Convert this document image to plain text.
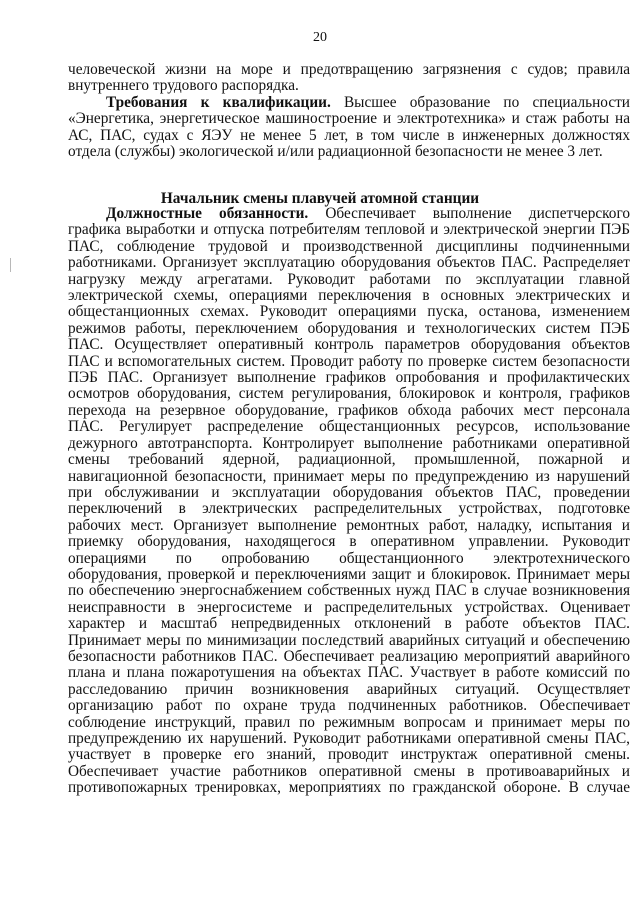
20
человеческой жизни на море и предотвращению загрязнения с судов; правила
внутреннего трудового распорядка.
Требования к квалификации. Высшее образование по специальности
«Энергетика, энергетическое машиностроение и электротехника» и стаж работы на
АС, ПАС, судах с ЯЭУ не менее 5 лет, в том числе в инженерных должностях
отдела (службы) экологической и/или радиационной безопасности не менее 3 лет.
Начальник смены плавучей атомной станции
Должностные обязанности. Обеспечивает выполнение диспетчерского
графика выработки и отпуска потребителям тепловой и электрической энергии ПЭБ
ПАС, соблюдение трудовой и производственной дисциплины подчиненными
работниками. Организует эксплуатацию оборудования объектов ПАС. Распределяет
нагрузку между агрегатами. Руководит работами по эксплуатации главной
электрической схемы, операциями переключения в основных электрических и
общестанционных схемах. Руководит операциями пуска, останова, изменением
режимов работы, переключением оборудования и технологических систем ПЭБ
ПАС. Осуществляет оперативный контроль параметров оборудования объектов
ПАС и вспомогательных систем. Проводит работу по проверке систем безопасности
ПЭБ ПАС. Организует выполнение графиков опробования и профилактических
осмотров оборудования, систем регулирования, блокировок и контроля, графиков
перехода на резервное оборудование, графиков обхода рабочих мест персонала
ПАС. Регулирует распределение общестанционных ресурсов, использование
дежурного автотранспорта. Контролирует выполнение работниками оперативной
смены требований ядерной, радиационной, промышленной, пожарной и
навигационной безопасности, принимает меры по предупреждению из нарушений
при обслуживании и эксплуатации оборудования объектов ПАС, проведении
переключений в электрических распределительных устройствах, подготовке
рабочих мест. Организует выполнение ремонтных работ, наладку, испытания и
приемку оборудования, находящегося в оперативном управлении. Руководит
операциями по опробованию общестанционного электротехнического
оборудования, проверкой и переключениями защит и блокировок. Принимает меры
по обеспечению энергоснабжением собственных нужд ПАС в случае возникновения
неисправности в энергосистеме и распределительных устройствах. Оценивает
характер и масштаб непредвиденных отклонений в работе объектов ПАС.
Принимает меры по минимизации последствий аварийных ситуаций и обеспечению
безопасности работников ПАС. Обеспечивает реализацию мероприятий аварийного
плана и плана пожаротушения на объектах ПАС. Участвует в работе комиссий по
расследованию причин возникновения аварийных ситуаций. Осуществляет
организацию работ по охране труда подчиненных работников. Обеспечивает
соблюдение инструкций, правил по режимным вопросам и принимает меры по
предупреждению их нарушений. Руководит работниками оперативной смены ПАС,
участвует в проверке его знаний, проводит инструктаж оперативной смены.
Обеспечивает участие работников оперативной смены в противоаварийных и
противопожарных тренировках, мероприятиях по гражданской обороне. В случае
